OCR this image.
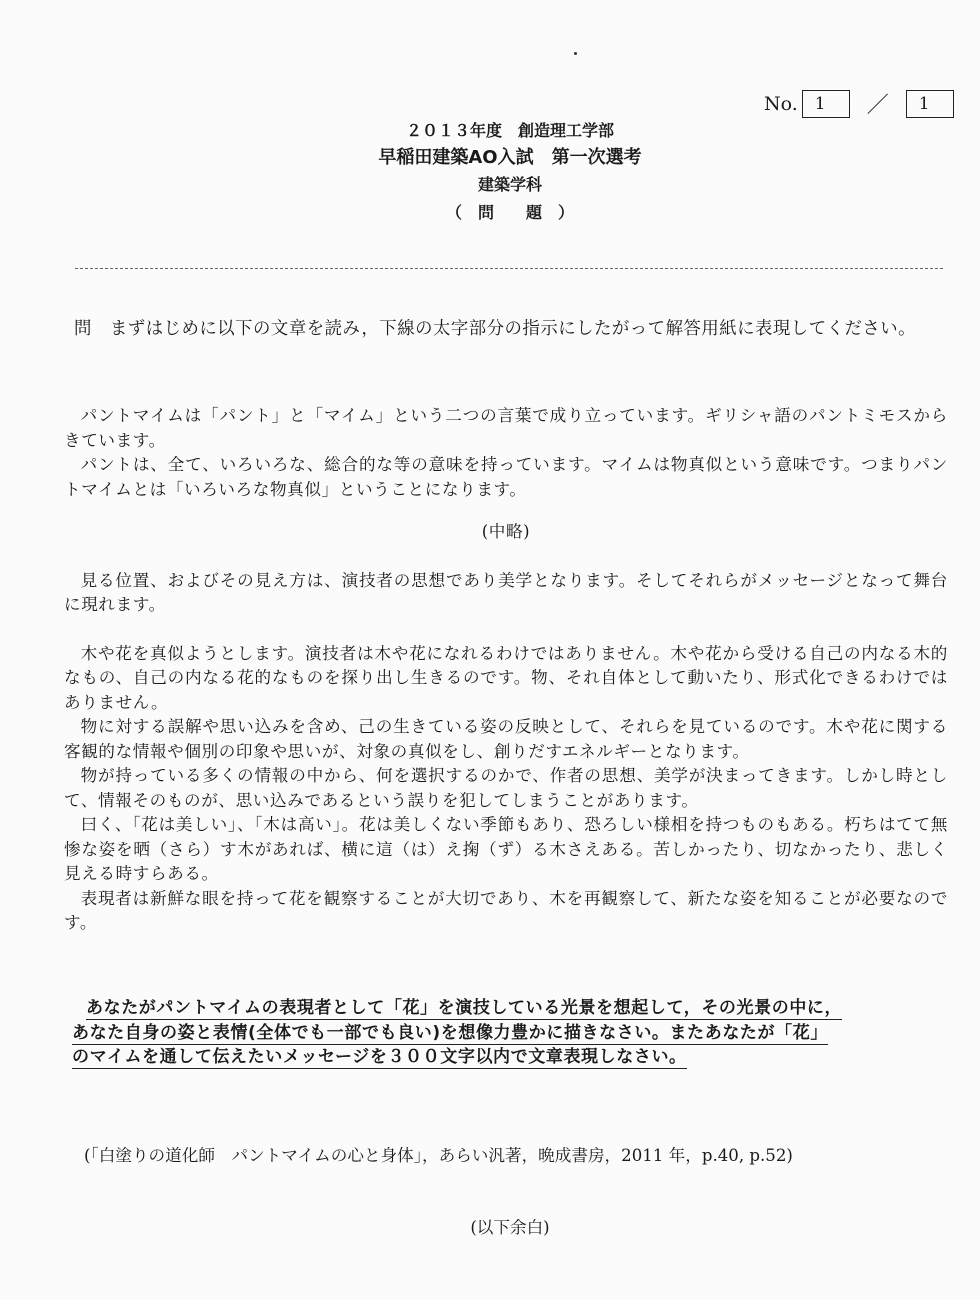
No.	1	／	1
２０１３年度　創造理工学部
早稲田建築AO入試　第一次選考
建築学科
（　問　　題　）
問 まずはじめに以下の文章を読み，下線の太字部分の指示にしたがって解答用紙に表現してください。

パントマイムは「パント」と「マイム」という二つの言葉で成り立っています。ギリシャ語のパントミモスからきています。

パントは、全て、いろいろな、総合的な等の意味を持っています。マイムは物真似という意味です。つまりパントマイムとは「いろいろな物真似」ということになります。

(中略)

見る位置、およびその見え方は、演技者の思想であり美学となります。そしてそれらがメッセージとなって舞台に現れます。

木や花を真似ようとします。演技者は木や花になれるわけではありません。木や花から受ける自己の内なる木的なもの、自己の内なる花的なものを探り出し生きるのです。物、それ自体として動いたり、形式化できるわけではありません。

物に対する誤解や思い込みを含め、己の生きている姿の反映として、それらを見ているのです。木や花に関する客観的な情報や個別の印象や思いが、対象の真似をし、創りだすエネルギーとなります。

物が持っている多くの情報の中から、何を選択するのかで、作者の思想、美学が決まってきます。しかし時として、情報そのものが、思い込みであるという誤りを犯してしまうことがあります。

曰く、「花は美しい」、「木は高い」。花は美しくない季節もあり、恐ろしい様相を持つものもある。朽ちはてて無惨な姿を晒（さら）す木があれば、横に這（は）え掬（ず）る木さえある。苦しかったり、切なかったり、悲しく見える時すらある。

表現者は新鮮な眼を持って花を観察することが大切であり、木を再観察して、新たな姿を知ることが必要なのです。

あなたがパントマイムの表現者として「花」を演技している光景を想起して，その光景の中に，
あなた自身の姿と表情(全体でも一部でも良い)を想像力豊かに描きなさい。またあなたが「花」
のマイムを通して伝えたいメッセージを３００文字以内で文章表現しなさい。
(「白塗りの道化師　パントマイムの心と身体」，あらい汎著，晩成書房，2011 年，p.40, p.52)
(以下余白)
